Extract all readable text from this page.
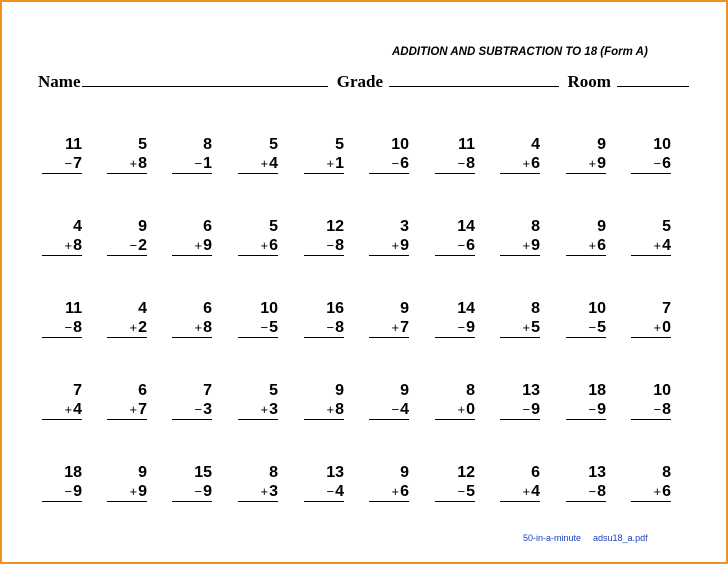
ADDITION AND SUBTRACTION TO 18 (Form A)
Name	Grade	Room
11
−7
5
+8
8
−1
5
+4
5
+1
10
−6
11
−8
4
+6
9
+9
10
−6
4
+8
9
−2
6
+9
5
+6
12
−8
3
+9
14
−6
8
+9
9
+6
5
+4
11
−8
4
+2
6
+8
10
−5
16
−8
9
+7
14
−9
8
+5
10
−5
7
+0
7
+4
6
+7
7
−3
5
+3
9
+8
9
−4
8
+0
13
−9
18
−9
10
−8
18
−9
9
+9
15
−9
8
+3
13
−4
9
+6
12
−5
6
+4
13
−8
8
+6
50-in-a-minute adsu18_a.pdf
